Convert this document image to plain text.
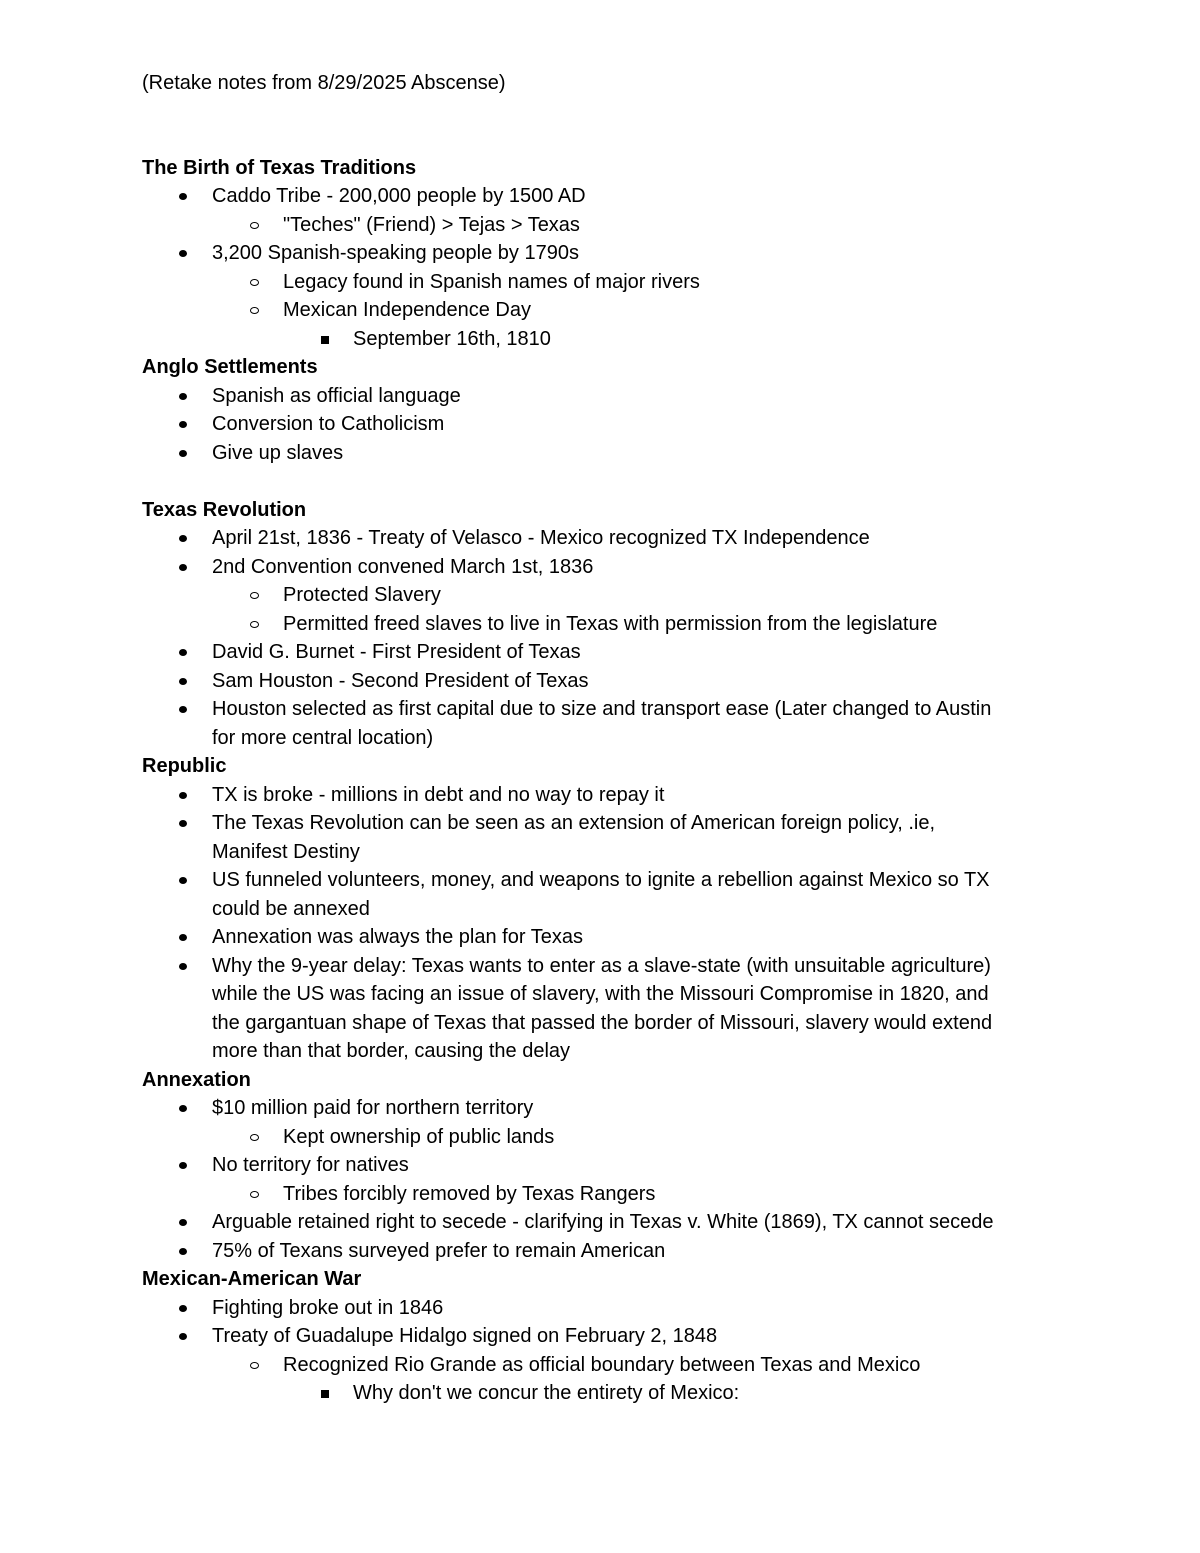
(Retake notes from 8/29/2025 Abscense)
The Birth of Texas Traditions
Caddo Tribe - 200,000 people by 1500 AD
"Teches" (Friend) > Tejas > Texas
3,200 Spanish-speaking people by 1790s
Legacy found in Spanish names of major rivers
Mexican Independence Day
September 16th, 1810
Anglo Settlements
Spanish as official language
Conversion to Catholicism
Give up slaves
Texas Revolution
April 21st, 1836 - Treaty of Velasco - Mexico recognized TX Independence
2nd Convention convened March 1st, 1836
Protected Slavery
Permitted freed slaves to live in Texas with permission from the legislature
David G. Burnet - First President of Texas
Sam Houston - Second President of Texas
Houston selected as first capital due to size and transport ease (Later changed to Austin
for more central location)
Republic
TX is broke - millions in debt and no way to repay it
The Texas Revolution can be seen as an extension of American foreign policy, .ie,
Manifest Destiny
US funneled volunteers, money, and weapons to ignite a rebellion against Mexico so TX
could be annexed
Annexation was always the plan for Texas
Why the 9-year delay: Texas wants to enter as a slave-state (with unsuitable agriculture)
while the US was facing an issue of slavery, with the Missouri Compromise in 1820, and
the gargantuan shape of Texas that passed the border of Missouri, slavery would extend
more than that border, causing the delay
Annexation
$10 million paid for northern territory
Kept ownership of public lands
No territory for natives
Tribes forcibly removed by Texas Rangers
Arguable retained right to secede - clarifying in Texas v. White (1869), TX cannot secede
75% of Texans surveyed prefer to remain American
Mexican-American War
Fighting broke out in 1846
Treaty of Guadalupe Hidalgo signed on February 2, 1848
Recognized Rio Grande as official boundary between Texas and Mexico
Why don't we concur the entirety of Mexico:
